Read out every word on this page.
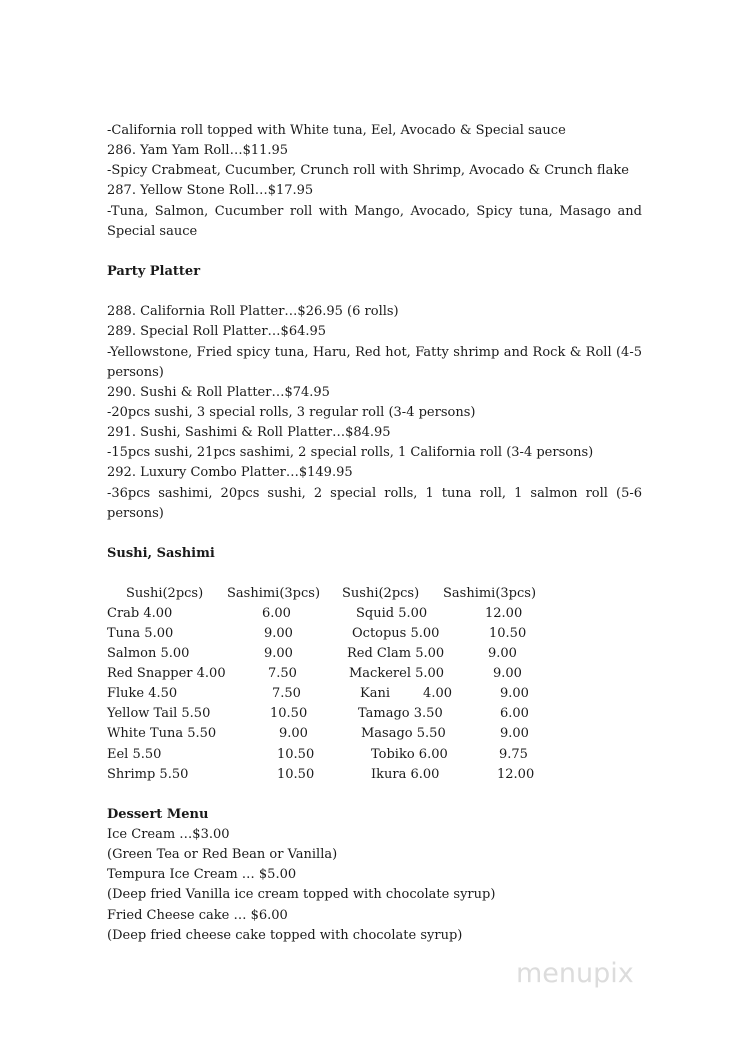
-California roll topped with White tuna, Eel, Avocado & Special sauce
286. Yam Yam Roll…$11.95
-Spicy Crabmeat, Cucumber, Crunch roll with Shrimp, Avocado & Crunch flake
287. Yellow Stone Roll…$17.95
-Tuna, Salmon, Cucumber roll with Mango, Avocado, Spicy tuna, Masago and
Special sauce
Party Platter
288. California Roll Platter…$26.95 (6 rolls)
289. Special Roll Platter…$64.95
-Yellowstone, Fried spicy tuna, Haru, Red hot, Fatty shrimp and Rock & Roll (4-5
persons)
290. Sushi & Roll Platter…$74.95
-20pcs sushi, 3 special rolls, 3 regular roll (3-4 persons)
291. Sushi, Sashimi & Roll Platter…$84.95
-15pcs sushi, 21pcs sashimi, 2 special rolls, 1 California roll (3-4 persons)
292. Luxury Combo Platter…$149.95
-36pcs sashimi, 20pcs sushi, 2 special rolls, 1 tuna roll, 1 salmon roll (5-6
persons)
Sushi, Sashimi
Sushi(2pcs) Sashimi(3pcs) Sushi(2pcs) Sashimi(3pcs)
Crab 4.00	6.00	Squid 5.00	12.00
Tuna 5.00	9.00	Octopus 5.00	10.50
Salmon 5.00	9.00	Red Clam 5.00	9.00
Red Snapper 4.00	7.50	Mackerel 5.00	9.00
Fluke 4.50	7.50	Kani        4.00	9.00
Yellow Tail 5.50	10.50	Tamago 3.50	6.00
White Tuna 5.50	9.00	Masago 5.50	9.00
Eel 5.50	10.50	Tobiko 6.00	9.75
Shrimp 5.50	10.50	Ikura 6.00	12.00
Dessert Menu
Ice Cream …$3.00
(Green Tea or Red Bean or Vanilla)
Tempura Ice Cream … $5.00
(Deep fried Vanilla ice cream topped with chocolate syrup)
Fried Cheese cake … $6.00
(Deep fried cheese cake topped with chocolate syrup)
menupix
